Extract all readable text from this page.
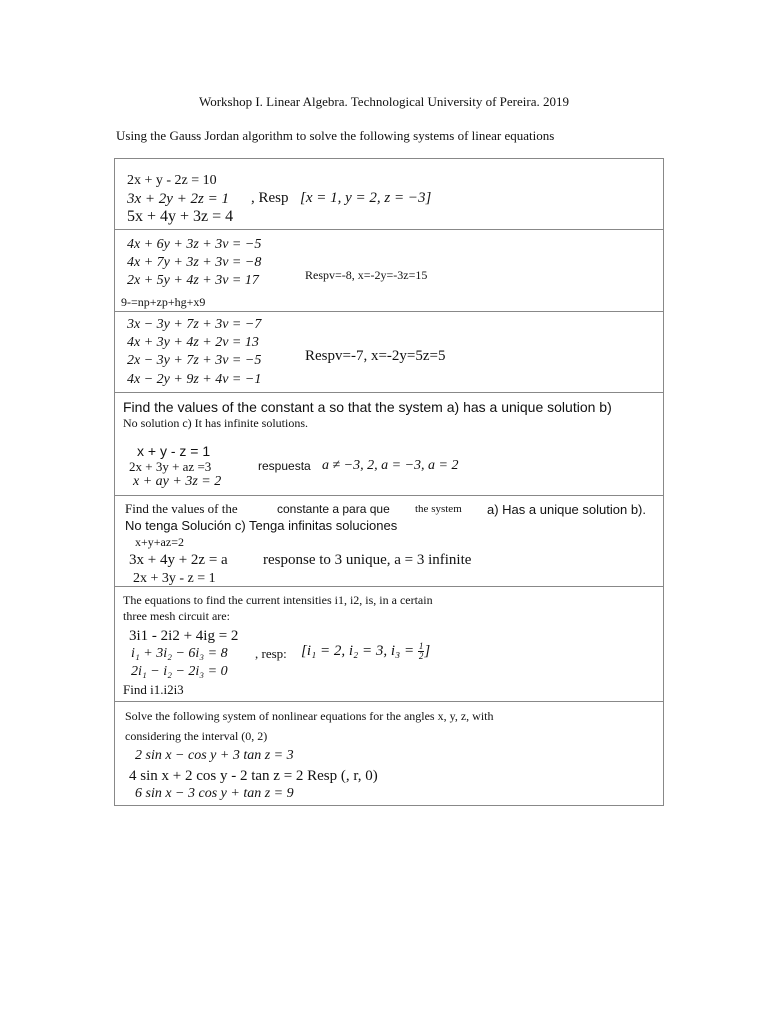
Workshop I. Linear Algebra. Technological University of Pereira. 2019
Using the Gauss Jordan algorithm to solve the following systems of linear equations
2x + y - 2z = 10
3x + 2y + 2z = 1 , Resp [x = 1, y = 2, z = −3]
5x + 4y + 3z = 4
4x + 6y + 3z + 3v = −5
4x + 7y + 3z + 3v = −8
2x + 5y + 4z + 3v = 17	Respv=-8, x=-2y=-3z=15
9-=np+zp+hg+x9
3x − 3y + 7z + 3v = −7
4x + 3y + 4z + 2v = 13
2x − 3y + 7z + 3v = −5	Respv=-7, x=-2y=5z=5
4x − 2y + 9z + 4v = −1
Find the values of the constant a so that the system a) has a unique solution b)
No solution c) It has infinite solutions.
x + y - z = 1
2x + 3y + az =3
x + ay + 3z = 2
respuesta a ≠ −3, 2, a = −3, a = 2
Find the values of the	constante a para que the system a) Has a unique solution b).
No tenga Solución c) Tenga infinitas soluciones
x+y+az=2
3x + 4y + 2z = a response to 3 unique, a = 3 infinite
2x + 3y - z = 1
The equations to find the current intensities i1, i2, is, in a certain
three mesh circuit are:
3i1 - 2i2 + 4ig = 2
i₁ + 3i₂ − 6i₃ = 8 , resp: [i₁ = 2, i₂ = 3, $i_3 = \frac{1}{2}$ ]
2i₁ − i₂ − 2i₃ = 0
Find i1.i2i3
Solve the following system of nonlinear equations for the angles x, y, z, with
considering the interval (0, 2)
2 sin x − cos y + 3 tan z = 3
4 sin x + 2 cos y - 2 tan z = 2 Resp (, r, 0)
6 sin x − 3 cos y + tan z = 9
